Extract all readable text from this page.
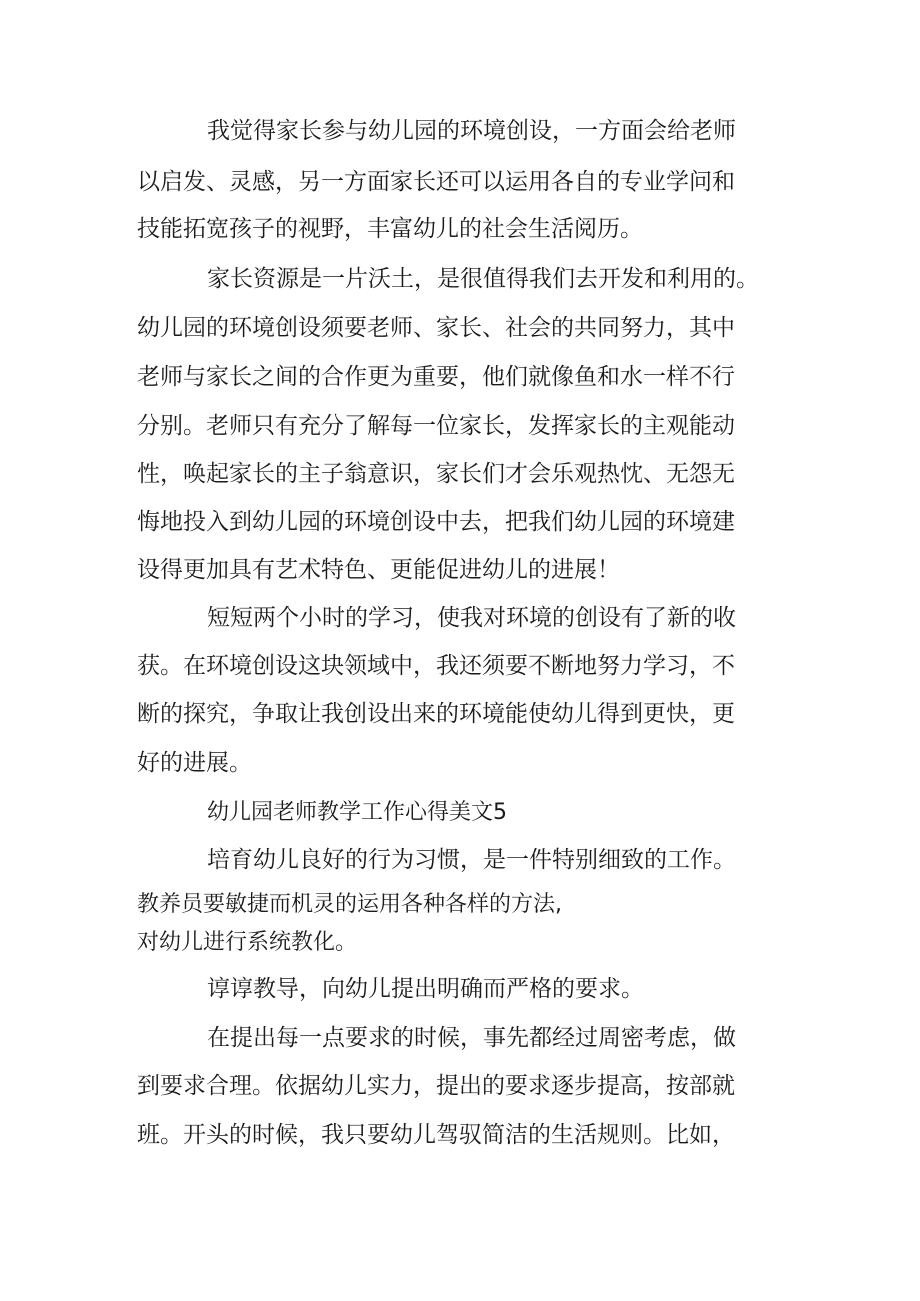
我觉得家长参与幼儿园的环境创设，一方面会给老师

以启发、灵感，另一方面家长还可以运用各自的专业学问和

技能拓宽孩子的视野，丰富幼儿的社会生活阅历。

家长资源是一片沃土，是很值得我们去开发和利用的。

幼儿园的环境创设须要老师、家长、社会的共同努力，其中

老师与家长之间的合作更为重要，他们就像鱼和水一样不行

分别。老师只有充分了解每一位家长，发挥家长的主观能动

性，唤起家长的主子翁意识，家长们才会乐观热忱、无怨无

悔地投入到幼儿园的环境创设中去，把我们幼儿园的环境建

设得更加具有艺术特色、更能促进幼儿的进展！

短短两个小时的学习，使我对环境的创设有了新的收

获。在环境创设这块领域中，我还须要不断地努力学习，不

断的探究，争取让我创设出来的环境能使幼儿得到更快，更

好的进展。

幼儿园老师教学工作心得美文5

培育幼儿良好的行为习惯，是一件特别细致的工作。

教养员要敏捷而机灵的运用各种各样的方法,

对幼儿进行系统教化。

谆谆教导，向幼儿提出明确而严格的要求。

在提出每一点要求的时候，事先都经过周密考虑，做

到要求合理。依据幼儿实力，提出的要求逐步提高，按部就

班。开头的时候，我只要幼儿驾驭简洁的生活规则。比如，
